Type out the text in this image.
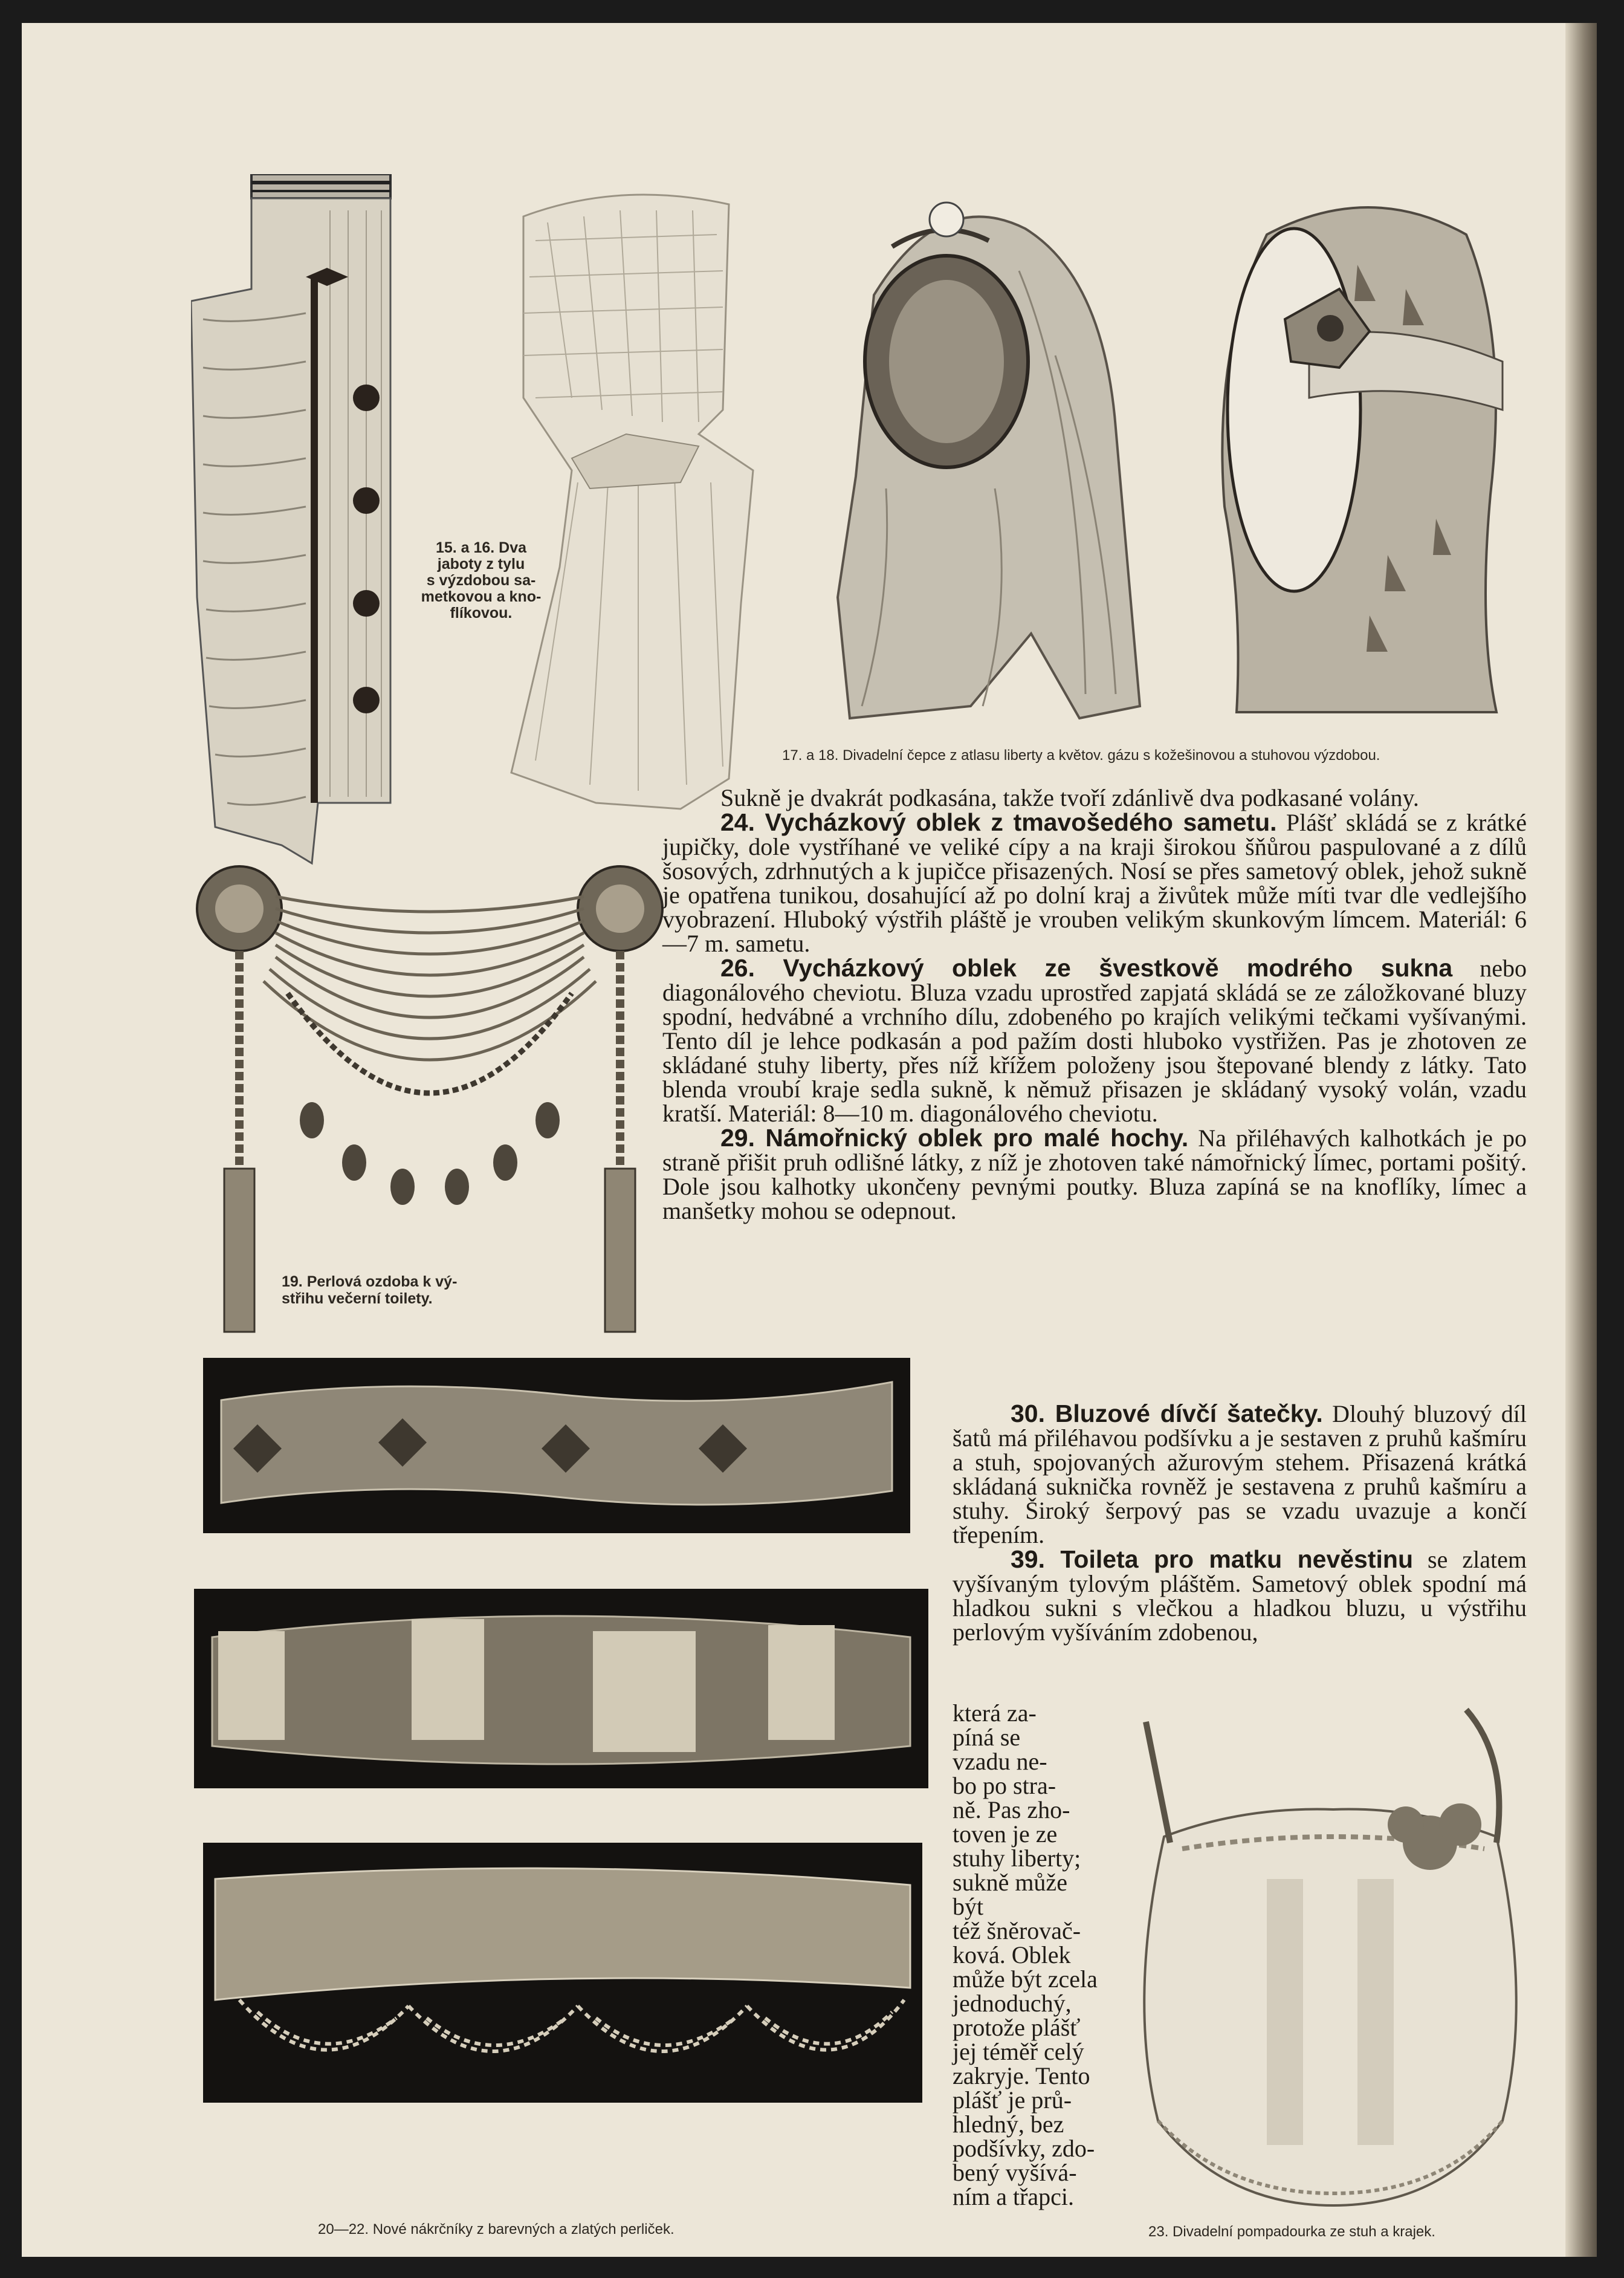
15. a 16. Dva
jaboty z tylu
s výzdobou sa-
metkovou a kno-
flíkovou.
17. a 18. Divadelní čepce z atlasu liberty a květov. gázu s kožešinovou a stuhovou výzdobou.
19. Perlová ozdoba k vý-
střihu večerní toilety.
20—22. Nové nákrčníky z barevných a zlatých perliček.	23. Divadelní pompadourka ze stuh a krajek.

Sukně je dvakrát podkasána, takže tvoří zdánlivě dva podkasané volány.

24. Vycházkový oblek z tmavošedého sametu. Plášť skládá se z krátké jupičky, dole vystříhané ve veliké cípy a na kraji širokou šňůrou paspulované a z dílů šosových, zdrhnutých a k jupičce přisazených. Nosí se přes sametový oblek, jehož sukně je opatřena tunikou, dosahující až po dolní kraj a živůtek může míti tvar dle vedlejšího vyobrazení. Hluboký výstřih pláště je vrouben velikým skunkovým límcem. Materiál: 6—7 m. sametu.

26. Vycházkový oblek ze švestkově modrého sukna nebo diagonálového cheviotu. Bluza vzadu uprostřed zapjatá skládá se ze záložkované bluzy spodní, hedvábné a vrchního dílu, zdobeného po krajích velikými tečkami vyšívanými. Tento díl je lehce podkasán a pod pažím dosti hluboko vystřižen. Pas je zhotoven ze skládané stuhy liberty, přes níž křížem položeny jsou štepované blendy z látky. Tato blenda vroubí kraje sedla sukně, k němuž přisazen je skládaný vysoký volán, vzadu kratší. Materiál: 8—10 m. diagonálového cheviotu.

29. Námořnický oblek pro malé hochy. Na přiléhavých kalhotkách je po straně přišit pruh odlišné látky, z níž je zhotoven také námořnický límec, portami pošitý. Dole jsou kalhotky ukončeny pevnými poutky. Bluza zapíná se na knoflíky, límec a manšetky mohou se odepnout.

30. Bluzové dívčí šatečky. Dlouhý bluzový díl šatů má přiléhavou podšívku a je sestaven z pruhů kašmíru a stuh, spojovaných ažurovým stehem. Přisazená krátká skládaná suknička rovněž je sestavena z pruhů kašmíru a stuhy. Široký šerpový pas se vzadu uvazuje a končí třepením.

39. Toileta pro matku nevěstinu se zlatem vyšívaným tylovým pláštěm. Sametový oblek spodní má hladkou sukni s vlečkou a hladkou bluzu, u výstřihu perlovým vyšíváním zdobenou,

která za-
píná se
vzadu ne-
bo po stra-
ně. Pas zho-
toven je ze
stuhy liberty;
sukně může být
též šněrovač-
ková. Oblek
může být zcela
jednoduchý,
protože plášť
jej téměř celý
zakryje. Tento
plášť je prů-
hledný, bez
podšívky, zdo-
bený vyšívá-
ním a třapci.
